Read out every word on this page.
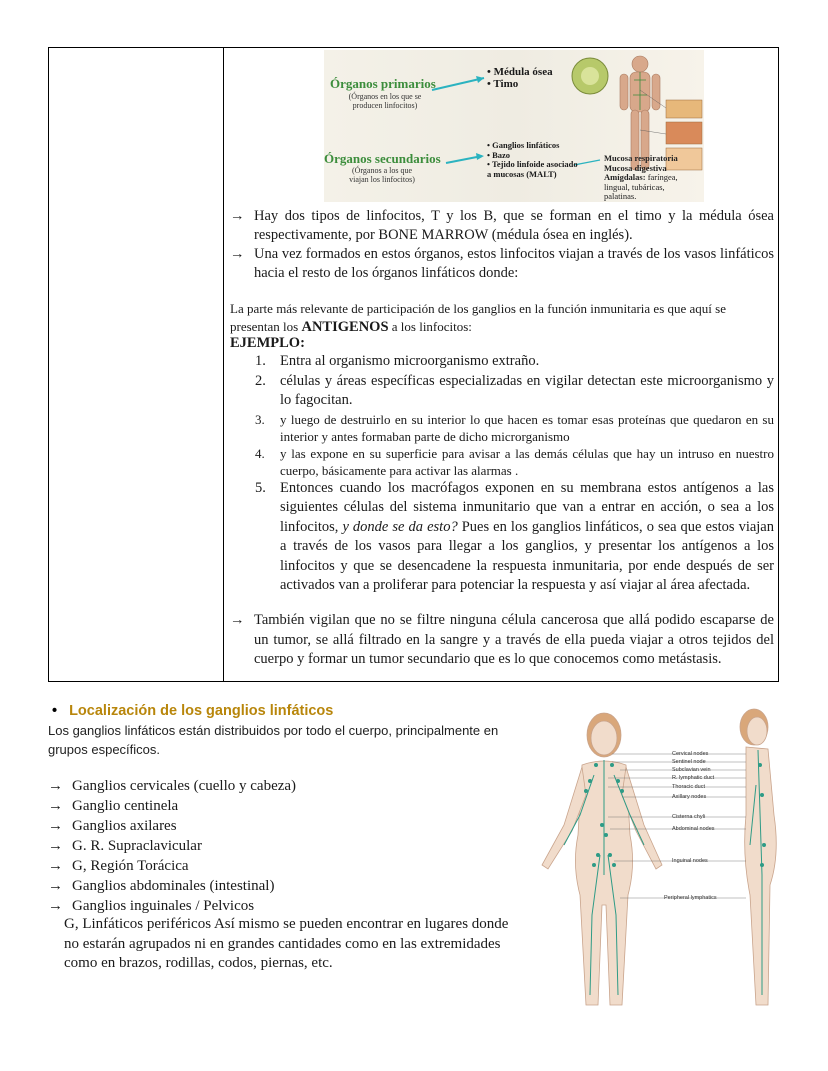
Órganos primarios
(Órganos en los que se producen linfocitos)
• Médula ósea
• Timo
Órganos secundarios
(Órganos a los que viajan los linfocitos)
• Ganglios linfáticos
• Bazo
• Tejido linfoide asociado a mucosas (MALT)
Mucosa respiratoria
Mucosa digestiva
Amígdalas: faríngea, lingual, tubáricas, palatinas.
→ Hay dos tipos de linfocitos, T y los B, que se forman en el timo y la médula ósea respectivamente, por BONE MARROW (médula ósea en inglés).
→ Una vez formados en estos órganos, estos linfocitos viajan a través de los vasos linfáticos hacia el resto de los órganos linfáticos donde:
La parte más relevante de participación de los ganglios en la función inmunitaria es que aquí se presentan los ANTIGENOS a los linfocitos:
EJEMPLO:
1. Entra al organismo microorganismo extraño.
2. células y áreas específicas especializadas en vigilar detectan este microorganismo y lo fagocitan.
3. y luego de destruirlo en su interior lo que hacen es tomar esas proteínas que quedaron en su interior y antes formaban parte de dicho microrganismo
4. y las expone en su superficie para avisar a las demás células que hay un intruso en nuestro cuerpo, básicamente para activar las alarmas .
5. Entonces cuando los macrófagos exponen en su membrana estos antígenos a las siguientes células del sistema inmunitario que van a entrar en acción, o sea a los linfocitos, y donde se da esto? Pues en los ganglios linfáticos, o sea que estos viajan a través de los vasos para llegar a los ganglios, y presentar los antígenos a los linfocitos y que se desencadene la respuesta inmunitaria, por ende después de ser activados van a proliferar para potenciar la respuesta y así viajar al área afectada.
→ También vigilan que no se filtre ninguna célula cancerosa que allá podido escaparse de un tumor, se allá filtrado en la sangre y a través de ella pueda viajar a otros tejidos del cuerpo y formar un tumor secundario que es lo que conocemos como metástasis.
• Localización de los ganglios linfáticos
Los ganglios linfáticos están distribuidos por todo el cuerpo, principalmente en grupos específicos.
→ Ganglios cervicales (cuello y cabeza)
→ Ganglio centinela
→ Ganglios axilares
→ G. R. Supraclavicular
→ G, Región Torácica
→ Ganglios abdominales (intestinal)
→ Ganglios inguinales / Pelvicos
G, Linfáticos periféricos Así mismo se pueden encontrar en lugares donde no estarán agrupados ni en grandes cantidades como en las extremidades como en brazos, rodillas, codos, piernas, etc.
Cervical nodes
Sentinel node
Subclavian vein
R. lymphatic duct
Thoracic duct
Axillary nodes
Cisterna chyli
Abdominal nodes
Inguinal nodes
Peripheral lymphatics
